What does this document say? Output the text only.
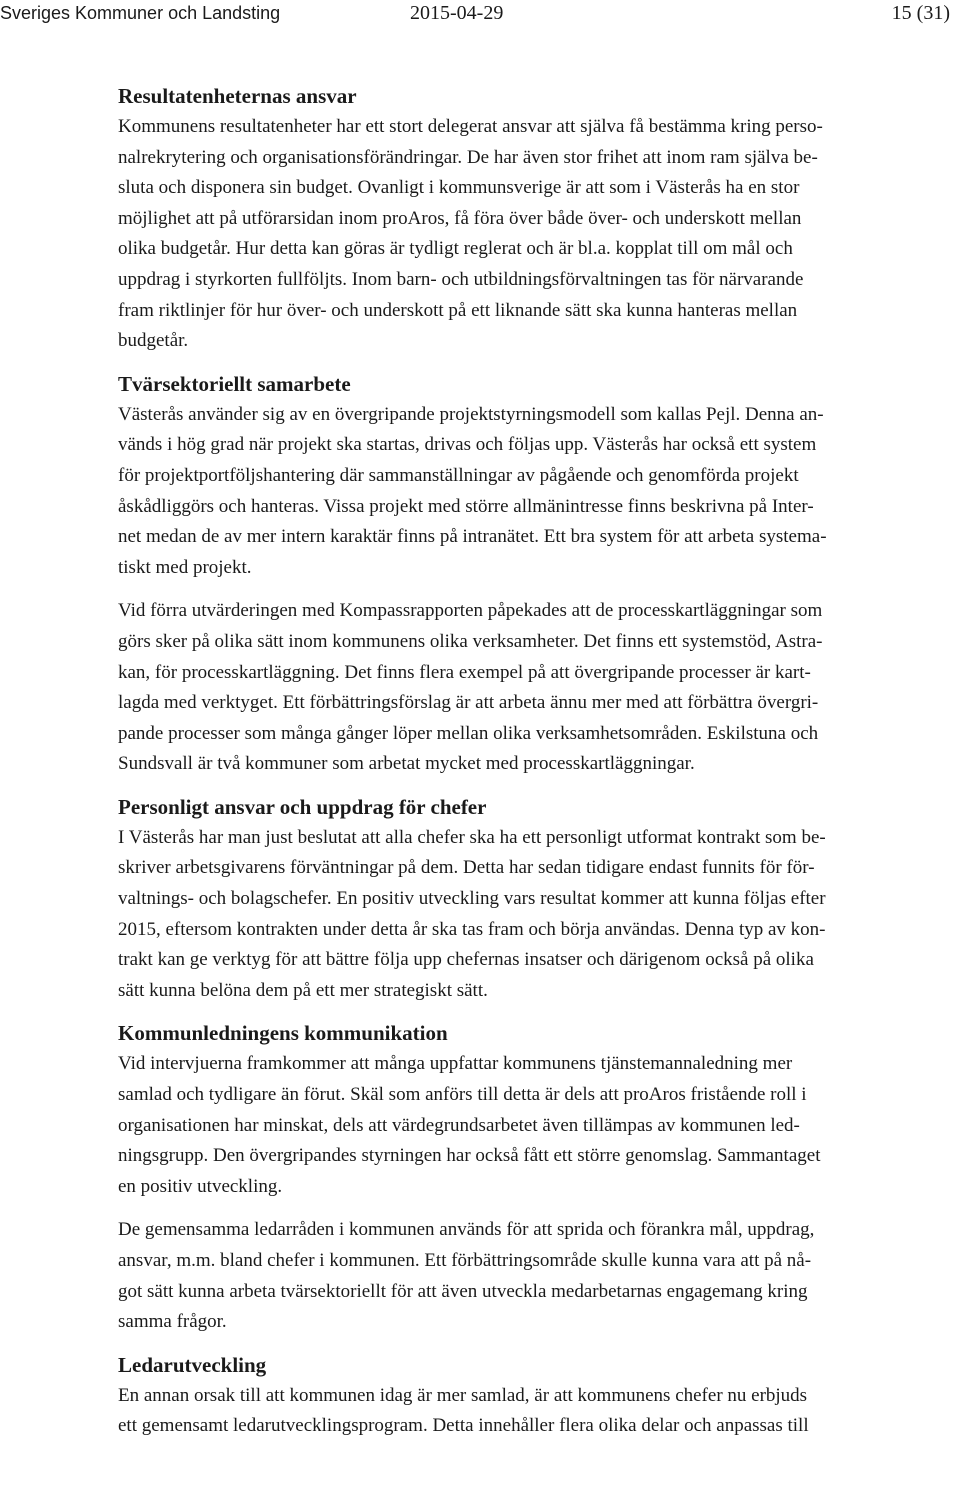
Sveriges Kommuner och Landsting	2015-04-29	15 (31)
Resultatenheternas ansvar

Kommunens resultatenheter har ett stort delegerat ansvar att själva få bestämma kring perso-
nalrekrytering och organisationsförändringar. De har även stor frihet att inom ram själva be-
sluta och disponera sin budget. Ovanligt i kommunsverige är att som i Västerås ha en stor
möjlighet att på utförarsidan inom proAros, få föra över både över- och underskott mellan
olika budgetår. Hur detta kan göras är tydligt reglerat och är bl.a. kopplat till om mål och
uppdrag i styrkorten fullföljts. Inom barn- och utbildningsförvaltningen tas för närvarande
fram riktlinjer för hur över- och underskott på ett liknande sätt ska kunna hanteras mellan
budgetår.

Tvärsektoriellt samarbete

Västerås använder sig av en övergripande projektstyrningsmodell som kallas Pejl. Denna an-
vänds i hög grad när projekt ska startas, drivas och följas upp. Västerås har också ett system
för projektportföljshantering där sammanställningar av pågående och genomförda projekt
åskådliggörs och hanteras. Vissa projekt med större allmänintresse finns beskrivna på Inter-
net medan de av mer intern karaktär finns på intranätet. Ett bra system för att arbeta systema-
tiskt med projekt.

Vid förra utvärderingen med Kompassrapporten påpekades att de processkartläggningar som
görs sker på olika sätt inom kommunens olika verksamheter. Det finns ett systemstöd, Astra-
kan, för processkartläggning. Det finns flera exempel på att övergripande processer är kart-
lagda med verktyget. Ett förbättringsförslag är att arbeta ännu mer med att förbättra övergri-
pande processer som många gånger löper mellan olika verksamhetsområden. Eskilstuna och
Sundsvall är två kommuner som arbetat mycket med processkartläggningar.

Personligt ansvar och uppdrag för chefer

I Västerås har man just beslutat att alla chefer ska ha ett personligt utformat kontrakt som be-
skriver arbetsgivarens förväntningar på dem. Detta har sedan tidigare endast funnits för för-
valtnings- och bolagschefer. En positiv utveckling vars resultat kommer att kunna följas efter
2015, eftersom kontrakten under detta år ska tas fram och börja användas. Denna typ av kon-
trakt kan ge verktyg för att bättre följa upp chefernas insatser och därigenom också på olika
sätt kunna belöna dem på ett mer strategiskt sätt.

Kommunledningens kommunikation

Vid intervjuerna framkommer att många uppfattar kommunens tjänstemannaledning mer
samlad och tydligare än förut. Skäl som anförs till detta är dels att proAros fristående roll i
organisationen har minskat, dels att värdegrundsarbetet även tillämpas av kommunen led-
ningsgrupp. Den övergripandes styrningen har också fått ett större genomslag. Sammantaget
en positiv utveckling.

De gemensamma ledarråden i kommunen används för att sprida och förankra mål, uppdrag,
ansvar, m.m. bland chefer i kommunen. Ett förbättringsområde skulle kunna vara att på nå-
got sätt kunna arbeta tvärsektoriellt för att även utveckla medarbetarnas engagemang kring
samma frågor.

Ledarutveckling

En annan orsak till att kommunen idag är mer samlad, är att kommunens chefer nu erbjuds
ett gemensamt ledarutvecklingsprogram. Detta innehåller flera olika delar och anpassas till
